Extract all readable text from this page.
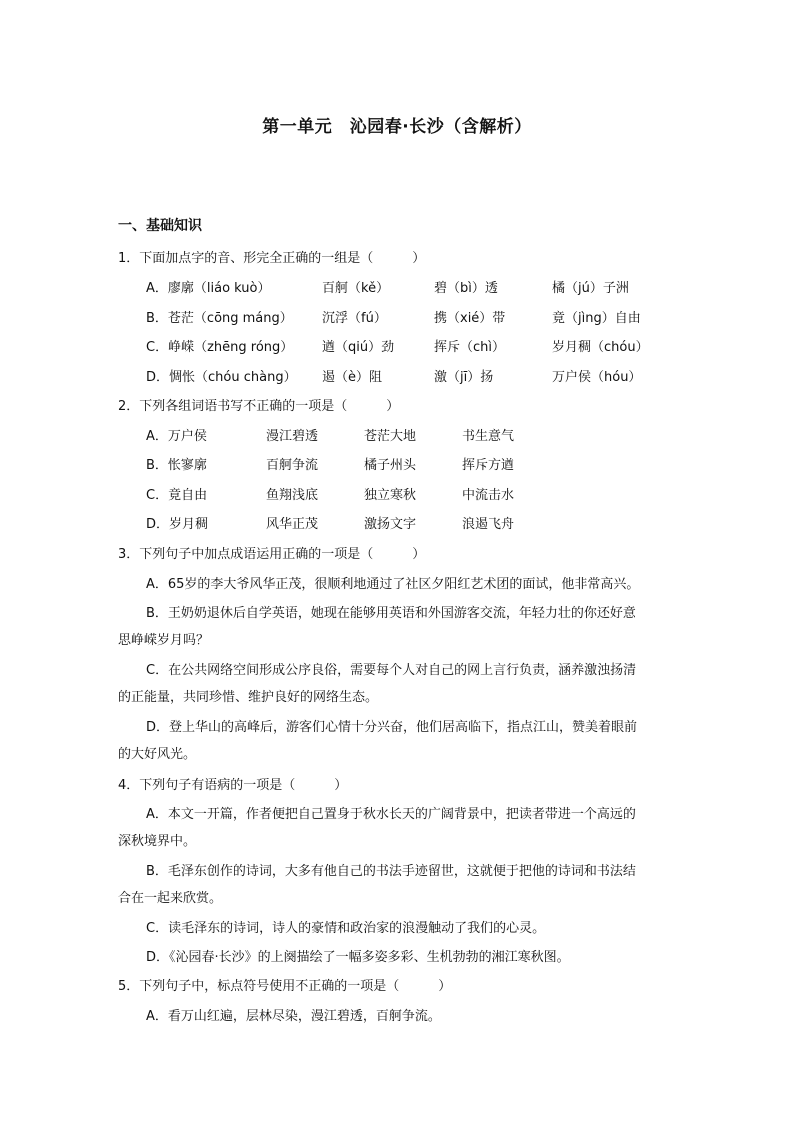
第一单元　沁园春·长沙（含解析）
一、基础知识
1．下面加点字的音、形完全正确的一组是（　　　）
A．廖廓（liáo kuò）	百舸（kě）	碧（bì）透	橘（jú）子洲
B．苍茫（cōng máng） 沉浮（fú）	携（xié）带	竟（jìng）自由
C．峥嵘（zhēng róng） 遒（qiú）劲	挥斥（chì）	岁月稠（chóu）
D．惆怅（chóu chàng） 遏（è）阻	激（jī）扬	万户侯（hóu）
2．下列各组词语书写不正确的一项是（　　　）
A．万户侯	漫江碧透	苍茫大地	书生意气
B．怅寥廓	百舸争流	橘子州头	挥斥方遒
C．竟自由	鱼翔浅底	独立寒秋	中流击水
D．岁月稠	风华正茂	激扬文字	浪遏飞舟
3．下列句子中加点成语运用正确的一项是（　　　）
A．65岁的李大爷风华正茂，很顺利地通过了社区夕阳红艺术团的面试，他非常高兴。
B．王奶奶退休后自学英语，她现在能够用英语和外国游客交流，年轻力壮的你还好意
思峥嵘岁月吗？
C．在公共网络空间形成公序良俗，需要每个人对自己的网上言行负责，涵养激浊扬清
的正能量，共同珍惜、维护良好的网络生态。
D．登上华山的高峰后，游客们心情十分兴奋，他们居高临下，指点江山，赞美着眼前
的大好风光。
4．下列句子有语病的一项是（　　　）
A．本文一开篇，作者便把自己置身于秋水长天的广阔背景中，把读者带进一个高远的
深秋境界中。
B．毛泽东创作的诗词，大多有他自己的书法手迹留世，这就便于把他的诗词和书法结
合在一起来欣赏。
C．读毛泽东的诗词，诗人的豪情和政治家的浪漫触动了我们的心灵。
D．《沁园春·长沙》的上阕描绘了一幅多姿多彩、生机勃勃的湘江寒秋图。
5．下列句子中，标点符号使用不正确的一项是（　　　）
A．看万山红遍，层林尽染，漫江碧透，百舸争流。
